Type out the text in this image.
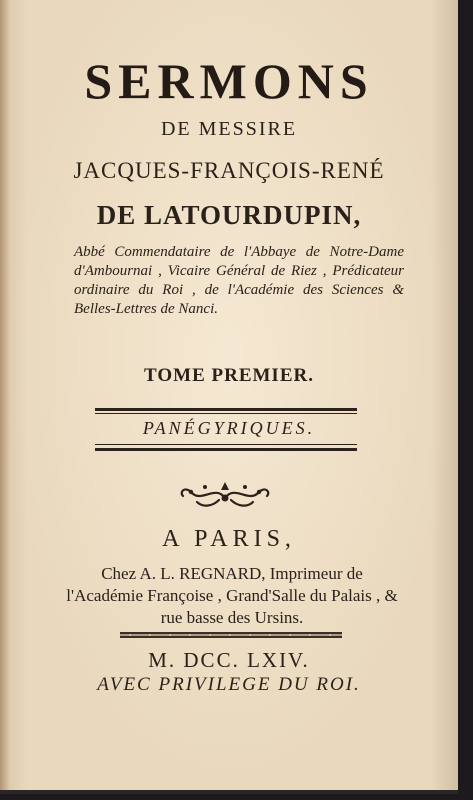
SERMONS
DE MESSIRE
JACQUES-FRANÇOIS-RENÉ
DE LATOURDUPIN,
Abbé Commendataire de l'Abbaye de Notre-Dame d'Ambournai , Vicaire Général de Riez , Prédicateur ordinaire du Roi , de l'Académie des Sciences & Belles-Lettres de Nanci.
TOME PREMIER.
PANÉGYRIQUES.
A PARIS,
Chez A. L. REGNARD, Imprimeur de l'Académie Françoise , Grand'Salle du Palais , & rue basse des Ursins.
M. DCC. LXIV.
AVEC PRIVILEGE DU ROI.
